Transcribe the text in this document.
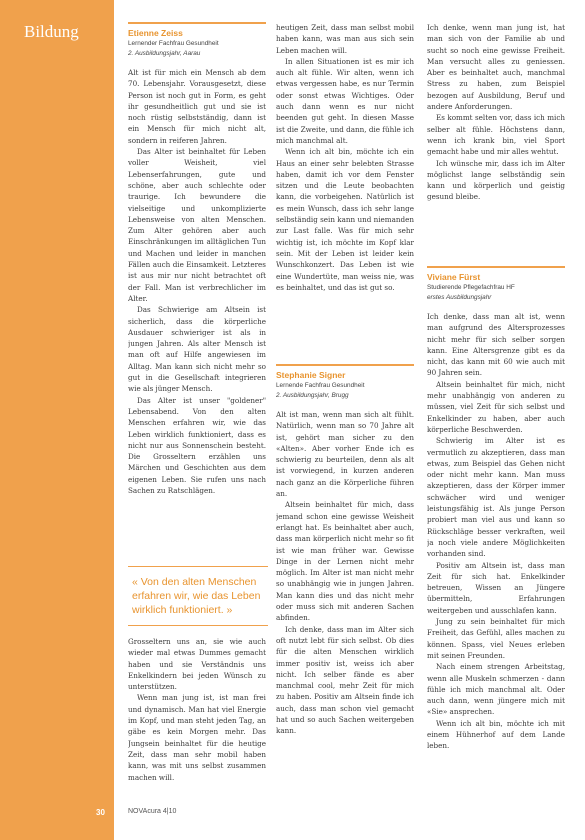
Bildung
30
Etienne Zeiss
Lernender Fachfrau Gesundheit
2. Ausbildungsjahr, Aarau

Alt ist für mich ein Mensch ab dem 70. Lebensjahr. Vorausgesetzt, diese Person ist noch gut in Form, es geht ihr gesundheitlich gut und sie ist noch rüstig selbstständig, dann ist ein Mensch für mich nicht alt, sondern in reiferen Jahren.

Das Alter ist beinhaltet für Leben voller Weisheit, viel Lebenserfahrungen, gute und schöne, aber auch schlechte oder traurige. Ich bewundere die vielseitige und unkomplizierte Lebensweise von alten Menschen. Zum Alter gehören aber auch Einschränkungen im alltäglichen Tun und Machen und leider in manchen Fällen auch die Einsamkeit. Letzteres ist aus mir nur nicht betrachtet oft der Fall. Man ist verbrechlicher im Alter.

Das Schwierige am Altsein ist sicherlich, dass die körperliche Ausdauer schwieriger ist als in jungen Jahren. Als alter Mensch ist man oft auf Hilfe angewiesen im Alltag. Man kann sich nicht mehr so gut in die Gesellschaft integrieren wie als jünger Mensch.

Das Alter ist unser "goldener" Lebensabend. Von den alten Menschen erfahren wir, wie das Leben wirklich funktioniert, dass es nicht nur aus Sonnenschein besteht. Die Grosseltern erzählen uns Märchen und Geschichten aus dem eigenen Leben. Sie rufen uns nach Sachen zu Ratschlägen.

« Von den alten Menschen erfahren wir, wie das Leben wirklich funktioniert. »

Grosseltern uns an, sie wie auch wieder mal etwas Dummes gemacht haben und sie Verständnis uns Enkelkindern bei jeden Wünsch zu unterstützen.

Wenn man jung ist, ist man frei und dynamisch. Man hat viel Energie im Kopf, und man steht jeden Tag, an gäbe es kein Morgen mehr. Das Jungsein beinhaltet für die heutige Zeit, dass man sehr mobil haben kann, was mit uns selbst zusammen machen will.

heutigen Zeit, dass man selbst mobil haben kann, was man aus sich sein Leben machen will.

In allen Situationen ist es mir ich auch alt fühle. Wir alten, wenn ich etwas vergessen habe, es nur Termin oder sonst etwas Wichtiges. Oder auch dann wenn es nur nicht beenden gut geht. In diesen Masse ist die Zweite, und dann, die fühle ich mich manchmal alt.

Wenn ich alt bin, möchte ich ein Haus an einer sehr belebten Strasse haben, damit ich vor dem Fenster sitzen und die Leute beobachten kann, die vorbeigehen. Natürlich ist es mein Wunsch, dass ich sehr lange selbständig sein kann und niemanden zur Last falle. Was für mich sehr wichtig ist, ich möchte im Kopf klar sein. Mit der Leben ist leider kein Wunschkonzert. Das Leben ist wie eine Wundertüte, man weiss nie, was es beinhaltet, und das ist gut so.

Stephanie Signer
Lernende Fachfrau Gesundheit
2. Ausbildungsjahr, Brugg

Alt ist man, wenn man sich alt fühlt. Natürlich, wenn man so 70 Jahre alt ist, gehört man sicher zu den «Alten». Aber vorher Ende ich es schwierig zu beurteilen, denn als alt ist vorwiegend, in kurzen anderen nach ganz an die Körperliche führen an.

Altsein beinhaltet für mich, dass jemand schon eine gewisse Weisheit erlangt hat. Es beinhaltet aber auch, dass man körperlich nicht mehr so fit ist wie man früher war. Gewisse Dinge in der Lernen nicht mehr möglich. Im Alter ist man nicht mehr so unabhängig wie in jungen Jahren. Man kann dies und das nicht mehr oder muss sich mit anderen Sachen abfinden.

Ich denke, dass man im Alter sich oft nutzt lebt für sich selbst. Ob dies für die alten Menschen wirklich immer positiv ist, weiss ich aber nicht. Ich selber fände es aber manchmal cool, mehr Zeit für mich zu haben. Positiv am Altsein finde ich auch, dass man schon viel gemacht hat und so auch Sachen weitergeben kann.

Ich denke, wenn man jung ist, hat man sich von der Familie ab und sucht so noch eine gewisse Freiheit. Man versucht alles zu geniessen. Aber es beinhaltet auch, manchmal Stress zu haben, zum Beispiel bezogen auf Ausbildung, Beruf und andere Anforderungen.

Es kommt selten vor, dass ich mich selber alt fühle. Höchstens dann, wenn ich krank bin, viel Sport gemacht habe und mir alles wehtut.

Ich wünsche mir, dass ich im Alter möglichst lange selbständig sein kann und körperlich und geistig gesund bleibe.

Viviane Fürst
Studierende Pflegefachfrau HF
erstes Ausbildungsjahr

Ich denke, dass man alt ist, wenn man aufgrund des Altersprozesses nicht mehr für sich selber sorgen kann. Eine Altersgrenze gibt es da nicht, das kann mit 60 wie auch mit 90 Jahren sein.

Altsein beinhaltet für mich, nicht mehr unabhängig von anderen zu müssen, viel Zeit für sich selbst und Enkelkinder zu haben, aber auch körperliche Beschwerden.

Schwierig im Alter ist es vermutlich zu akzeptieren, dass man etwas, zum Beispiel das Gehen nicht oder nicht mehr kann. Man muss akzeptieren, dass der Körper immer schwächer wird und weniger leistungsfähig ist. Als junge Person probiert man viel aus und kann so Rückschläge besser verkraften, weil ja noch viele andere Möglichkeiten vorhanden sind.

Positiv am Altsein ist, dass man Zeit für sich hat. Enkelkinder betreuen, Wissen an Jüngere übermitteln, Erfahrungen weitergeben und ausschlafen kann.

Jung zu sein beinhaltet für mich Freiheit, das Gefühl, alles machen zu können. Spass, viel Neues erleben mit seinen Freunden.

Nach einem strengen Arbeitstag, wenn alle Muskeln schmerzen - dann fühle ich mich manchmal alt. Oder auch dann, wenn jüngere mich mit «Sie» ansprechen.

Wenn ich alt bin, möchte ich mit einem Hühnerhof auf dem Lande leben.

NOVAcura 4|10
